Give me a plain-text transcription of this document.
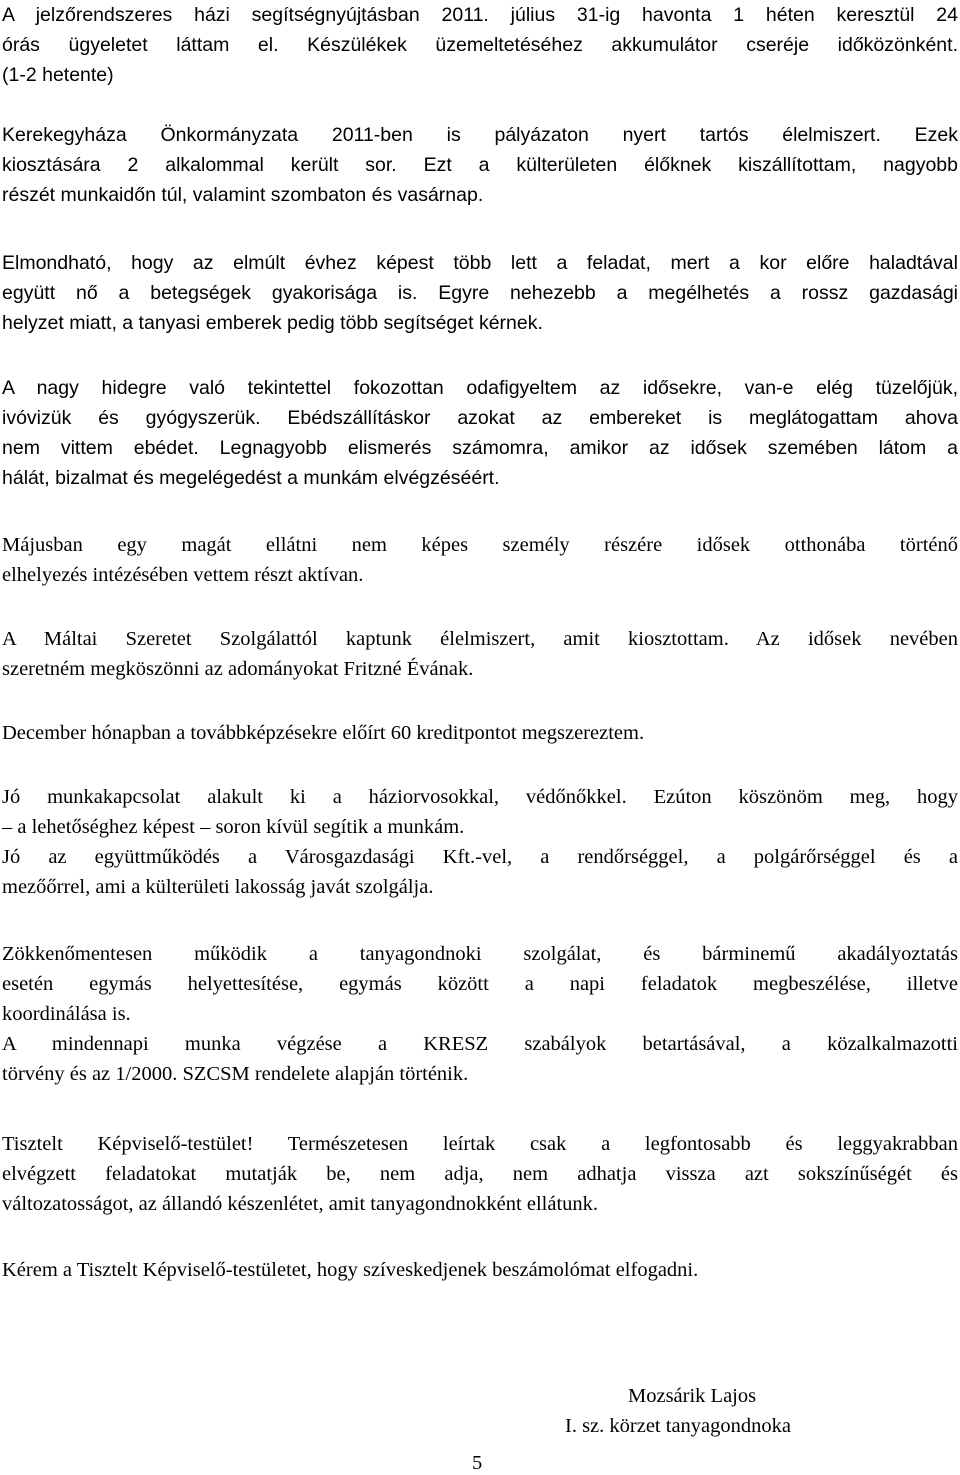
A jelzőrendszeres házi segítségnyújtásban 2011. július 31-ig havonta 1 héten keresztül 24
órás ügyeletet láttam el. Készülékek üzemeltetéséhez akkumulátor cseréje időközönként.
(1-2 hetente)
Kerekegyháza Önkormányzata 2011-ben is pályázaton nyert tartós élelmiszert. Ezek
kiosztására 2 alkalommal került sor. Ezt a külterületen élőknek kiszállítottam, nagyobb
részét munkaidőn túl, valamint szombaton és vasárnap.
Elmondható, hogy az elmúlt évhez képest több lett a feladat, mert a kor előre haladtával
együtt nő a betegségek gyakorisága is. Egyre nehezebb a megélhetés a rossz gazdasági
helyzet miatt, a tanyasi emberek pedig több segítséget kérnek.
A nagy hidegre való tekintettel fokozottan odafigyeltem az idősekre, van-e elég tüzelőjük,
ivóvizük és gyógyszerük. Ebédszállításkor azokat az embereket is meglátogattam ahova
nem vittem ebédet. Legnagyobb elismerés számomra, amikor az idősek szemében látom a
hálát, bizalmat és megelégedést a munkám elvégzéséért.
Májusban egy magát ellátni nem képes személy részére idősek otthonába történő
elhelyezés intézésében vettem részt aktívan.
A Máltai Szeretet Szolgálattól kaptunk élelmiszert, amit kiosztottam. Az idősek nevében
szeretném megköszönni az adományokat Fritzné Évának.
December hónapban a továbbképzésekre előírt 60 kreditpontot megszereztem.
Jó munkakapcsolat alakult ki a háziorvosokkal, védőnőkkel. Ezúton köszönöm meg, hogy
– a lehetőséghez képest – soron kívül segítik a munkám.
Jó az együttműködés a Városgazdasági Kft.-vel, a rendőrséggel, a polgárőrséggel és a
mezőőrrel, ami a külterületi lakosság javát szolgálja.
Zökkenőmentesen működik a tanyagondnoki szolgálat, és bárminemű akadályoztatás
esetén egymás helyettesítése, egymás között a napi feladatok megbeszélése, illetve
koordinálása is.
A mindennapi munka végzése a KRESZ szabályok betartásával, a közalkalmazotti
törvény és az 1/2000. SZCSM rendelete alapján történik.
Tisztelt Képviselő-testület! Természetesen leírtak csak a legfontosabb és leggyakrabban
elvégzett feladatokat mutatják be, nem adja, nem adhatja vissza azt sokszínűségét és
változatosságot, az állandó készenlétet, amit tanyagondnokként ellátunk.
Kérem a Tisztelt Képviselő-testületet, hogy szíveskedjenek beszámolómat elfogadni.
Mozsárik Lajos
I. sz. körzet tanyagondnoka
5
